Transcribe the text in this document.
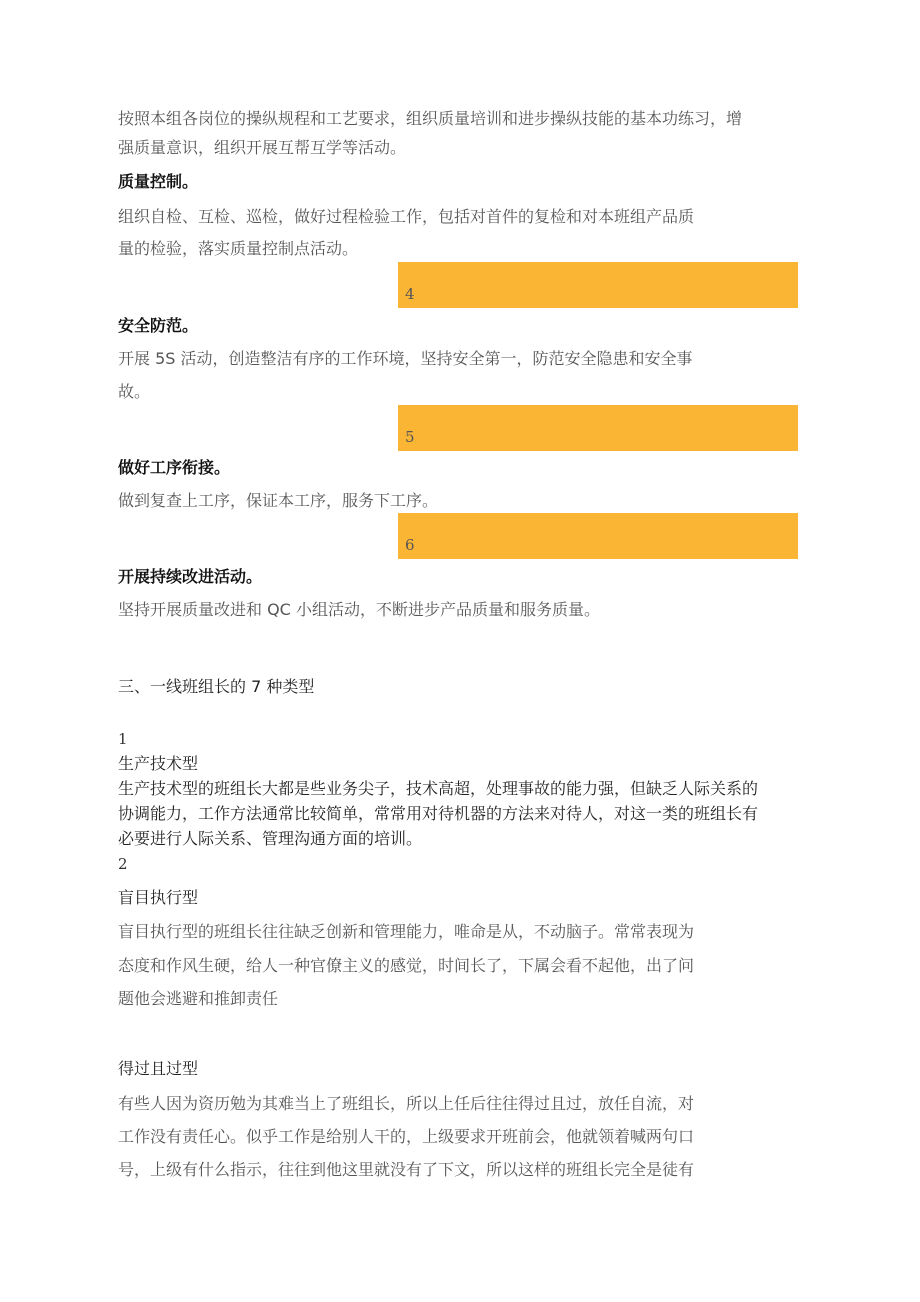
按照本组各岗位的操纵规程和工艺要求，组织质量培训和进步操纵技能的基本功练习，增
强质量意识，组织开展互帮互学等活动。
质量控制。
组织自检、互检、巡检，做好过程检验工作，包括对首件的复检和对本班组产品质
量的检验，落实质量控制点活动。
4
安全防范。
开展 5S 活动，创造整洁有序的工作环境，坚持安全第一，防范安全隐患和安全事
故。
5
做好工序衔接。
做到复查上工序，保证本工序，服务下工序。
6
开展持续改进活动。
坚持开展质量改进和 QC 小组活动，不断进步产品质量和服务质量。
三、一线班组长的 7 种类型
1
生产技术型
生产技术型的班组长大都是些业务尖子，技术高超，处理事故的能力强，但缺乏人际关系的
协调能力，工作方法通常比较简单，常常用对待机器的方法来对待人，对这一类的班组长有
必要进行人际关系、管理沟通方面的培训。
2
盲目执行型
盲目执行型的班组长往往缺乏创新和管理能力，唯命是从，不动脑子。常常表现为
态度和作风生硬，给人一种官僚主义的感觉，时间长了，下属会看不起他，出了问
题他会逃避和推卸责任
得过且过型
有些人因为资历勉为其难当上了班组长，所以上任后往往得过且过，放任自流，对
工作没有责任心。似乎工作是给别人干的，上级要求开班前会，他就领着喊两句口
号，上级有什么指示，往往到他这里就没有了下文，所以这样的班组长完全是徒有
